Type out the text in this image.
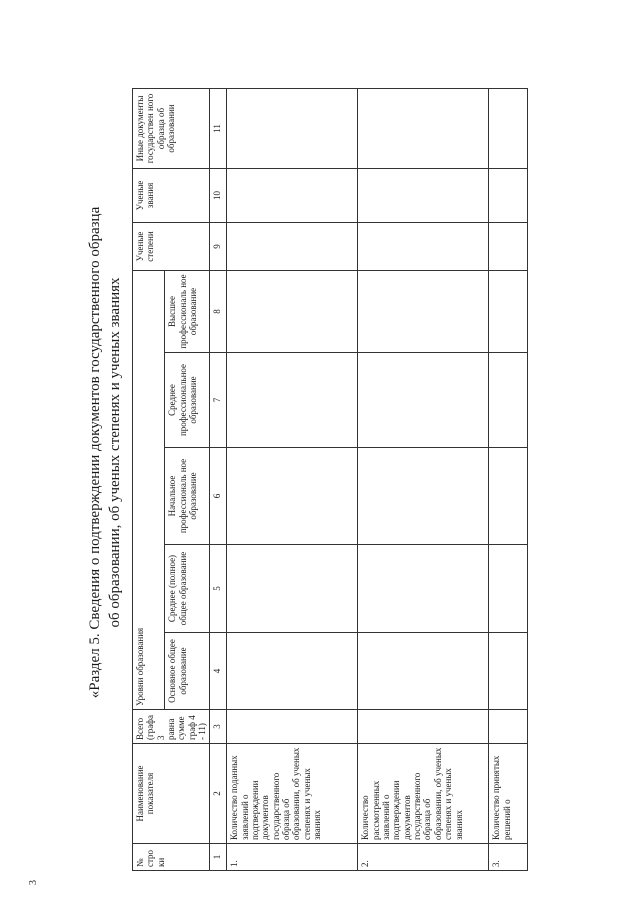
3
«Раздел 5. Сведения о подтверждении документов государственного образца об образовании, об ученых степенях и ученых званиях
№ стро ки	Наименование показателя	Всего (графа 3 равна сумме граф 4 - 11)	Уровни образования					Ученые степени	Ученые звания	Иные документы государствен ного образца об образовании
			Основное общее образование	Среднее (полное) общее образование	Начальное профессиональ ное образование	Среднее профессиональное образование	Высшее профессиональ ное образование			
1	2	3	4	5	6	7	8	9	10	11
1.	Количество поданных заявлений о подтверждении документов государственного образца об образовании, об ученых степенях и ученых званиях									
2.	Количество рассмотренных заявлений о подтверждении документов государственного образца об образовании, об ученых степенях и ученых званиях									
3.	Количество принятых решений о									
